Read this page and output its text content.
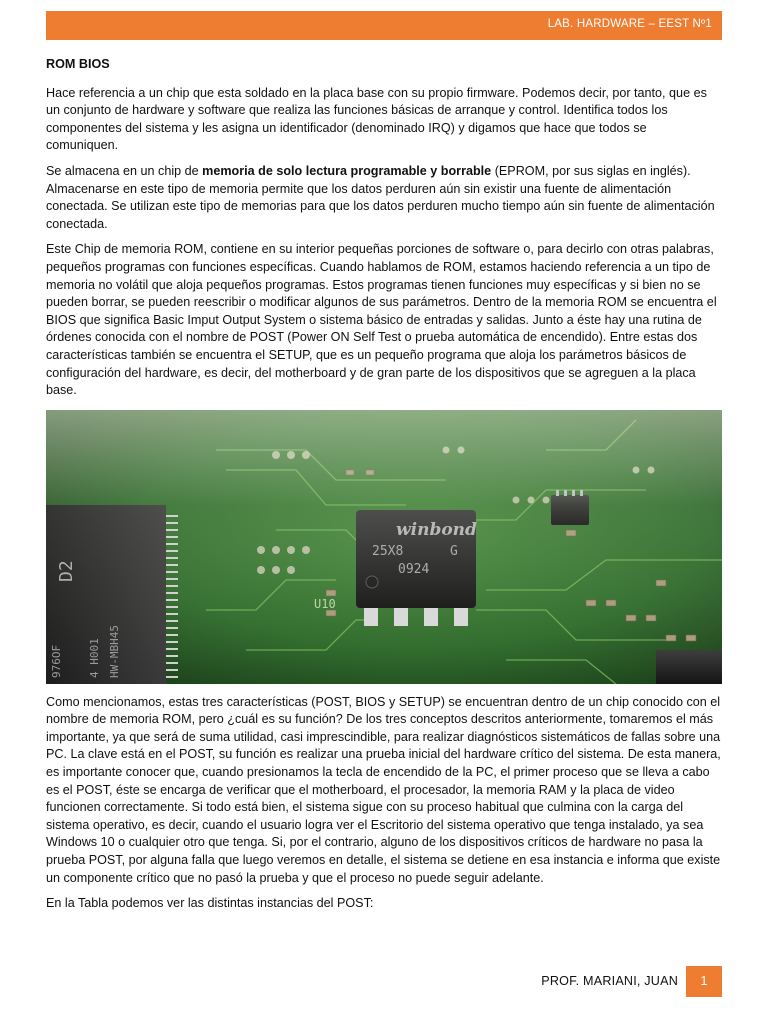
LAB. HARDWARE – EEST Nº1
ROM BIOS

Hace referencia a un chip que esta soldado en la placa base con su propio firmware. Podemos decir, por tanto, que es un conjunto de hardware y software que realiza las funciones básicas de arranque y control. Identifica todos los componentes del sistema y les asigna un identificador (denominado IRQ) y digamos que hace que todos se comuniquen.

Se almacena en un chip de memoria de solo lectura programable y borrable (EPROM, por sus siglas en inglés). Almacenarse en este tipo de memoria permite que los datos perduren aún sin existir una fuente de alimentación conectada. Se utilizan este tipo de memorias para que los datos perduren mucho tiempo aún sin fuente de alimentación conectada.

Este Chip de memoria ROM, contiene en su interior pequeñas porciones de software o, para decirlo con otras palabras, pequeños programas con funciones específicas. Cuando hablamos de ROM, estamos haciendo referencia a un tipo de memoria no volátil que aloja pequeños programas. Estos programas tienen funciones muy específicas y si bien no se pueden borrar, se pueden reescribir o modificar algunos de sus parámetros. Dentro de la memoria ROM se encuentra el BIOS que significa Basic Imput Output System o sistema básico de entradas y salidas. Junto a éste hay una rutina de órdenes conocida con el nombre de POST (Power ON Self Test o prueba automática de encendido). Entre estas dos características también se encuentra el SETUP, que es un pequeño programa que aloja los parámetros básicos de configuración del hardware, es decir, del motherboard y de gran parte de los dispositivos que se agreguen a la placa base.

Como mencionamos, estas tres características (POST, BIOS y SETUP) se encuentran dentro de un chip conocido con el nombre de memoria ROM, pero ¿cuál es su función? De los tres conceptos descritos anteriormente, tomaremos el más importante, ya que será de suma utilidad, casi imprescindible, para realizar diagnósticos sistemáticos de fallas sobre una PC. La clave está en el POST, su función es realizar una prueba inicial del hardware crítico del sistema. De esta manera, es importante conocer que, cuando presionamos la tecla de encendido de la PC, el primer proceso que se lleva a cabo es el POST, éste se encarga de verificar que el motherboard, el procesador, la memoria RAM y la placa de video funcionen correctamente. Si todo está bien, el sistema sigue con su proceso habitual que culmina con la carga del sistema operativo, es decir, cuando el usuario logra ver el Escritorio del sistema operativo que tenga instalado, ya sea Windows 10 o cualquier otro que tenga. Si, por el contrario, alguno de los dispositivos críticos de hardware no pasa la prueba POST, por alguna falla que luego veremos en detalle, el sistema se detiene en esa instancia e informa que existe un componente crítico que no pasó la prueba y que el proceso no puede seguir adelante.

En la Tabla podemos ver las distintas instancias del POST:

PROF. MARIANI, JUAN	1
